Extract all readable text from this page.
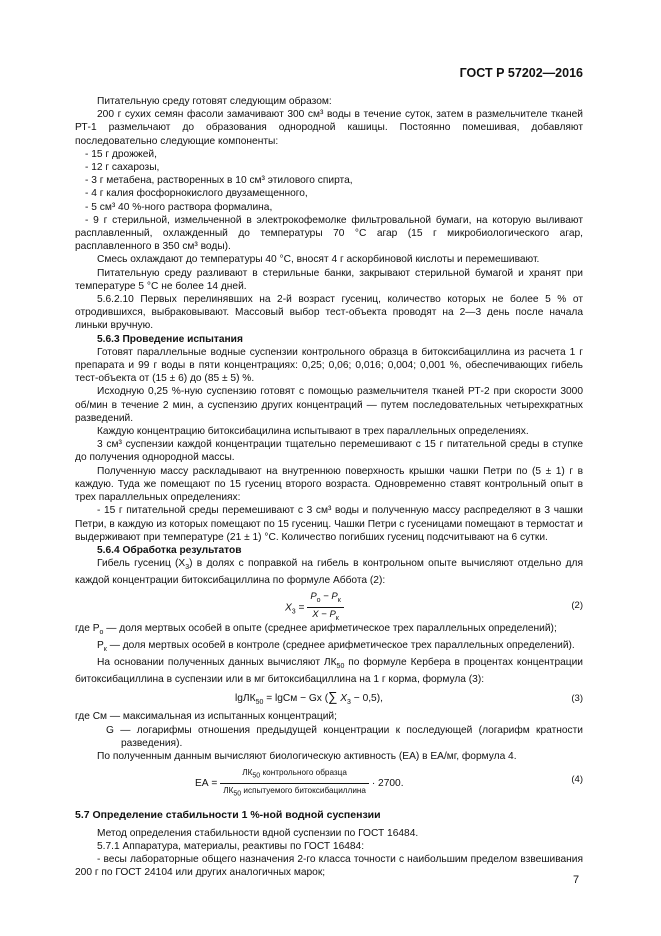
ГОСТ Р 57202—2016

Питательную среду готовят следующим образом:

200 г сухих семян фасоли замачивают 300 см³ воды в течение суток, затем в размельчителе тканей РТ-1 размельчают до образования однородной кашицы. Постоянно помешивая, добавляют последовательно следующие компоненты:

- 15 г дрожжей,

- 12 г сахарозы,

- 3 г метабена, растворенных в 10 см³ этилового спирта,

- 4 г калия фосфорнокислого двузамещенного,

- 5 см³ 40 %-ного раствора формалина,

- 9 г стерильной, измельченной в электрокофемолке фильтровальной бумаги, на которую выливают расплавленный, охлажденный до температуры 70 °С агар (15 г микробиологического агар, расплавленного в 350 см³ воды).

Смесь охлаждают до температуры 40 °С, вносят 4 г аскорбиновой кислоты и перемешивают.

Питательную среду разливают в стерильные банки, закрывают стерильной бумагой и хранят при температуре 5 °С не более 14 дней.

5.6.2.10 Первых перелинявших на 2-й возраст гусениц, количество которых не более 5 % от отродившихся, выбраковывают. Массовый выбор тест-объекта проводят на 2—3 день после начала линьки вручную.

5.6.3 Проведение испытания

Готовят параллельные водные суспензии контрольного образца в битоксибациллина из расчета 1 г препарата и 99 г воды в пяти концентрациях: 0,25; 0,06; 0,016; 0,004; 0,001 %, обеспечивающих гибель тест-объекта от (15 ± 6) до (85 ± 5) %.

Исходную 0,25 %-ную суспензию готовят с помощью размельчителя тканей РТ-2 при скорости 3000 об/мин в течение 2 мин, а суспензию других концентраций — путем последовательных четырехкратных разведений.

Каждую концентрацию битоксибацилина испытывают в трех параллельных определениях.

3 см³ суспензии каждой концентрации тщательно перемешивают с 15 г питательной среды в ступке до получения однородной массы.

Полученную массу раскладывают на внутреннюю поверхность крышки чашки Петри по (5 ± 1) г в каждую. Туда же помещают по 15 гусениц второго возраста. Одновременно ставят контрольный опыт в трех параллельных определениях:

- 15 г питательной среды перемешивают с 3 см³ воды и полученную массу распределяют в 3 чашки Петри, в каждую из которых помещают по 15 гусениц. Чашки Петри с гусеницами помещают в термостат и выдерживают при температуре (21 ± 1) °С. Количество погибших гусениц подсчитывают на 6 сутки.

5.6.4 Обработка результатов

Гибель гусениц $(X_3)$ в долях с поправкой на гибель в контрольном опыте вычисляют отдельно для каждой концентрации битоксибациллина по формуле Аббота (2):

$X_3 = \frac{P_o - P_к}{X - P_к}$	(2)

где $P_o$ — доля мертвых особей в опыте (среднее арифметическое трех параллельных определений);

$P_к$ — доля мертвых особей в контроле (среднее арифметическое трех параллельных определений).

На основании полученных данных вычисляют $ЛК_{50}$ по формуле Кербера в процентах концентрации битоксибациллина в суспензии или в мг битоксибациллина на 1 г корма, формула (3):

lgЛК$_{50}$ = lgCм − Gx (∑ $X_3 - 0,5$),	(3)

где Cм — максимальная из испытанных концентраций;

G — логарифмы отношения предыдущей концентрации к последующей (логарифм кратности разведения).

По полученным данным вычисляют биологическую активность (ЕА) в ЕА/мг, формула 4.

ЕА = $\frac{ЛК_{50} контрольного образца}{ЛК_{50} испытуемого битоксибациллина} \cdot 2700$.	(4)
5.7 Определение стабильности 1 %-ной водной суспензии

Метод определения стабильности вдной суспензии по ГОСТ 16484.

5.7.1 Аппаратура, материалы, реактивы по ГОСТ 16484:

- весы лабораторные общего назначения 2-го класса точности с наибольшим пределом взвешивания 200 г по ГОСТ 24104 или других аналогичных марок;

7
